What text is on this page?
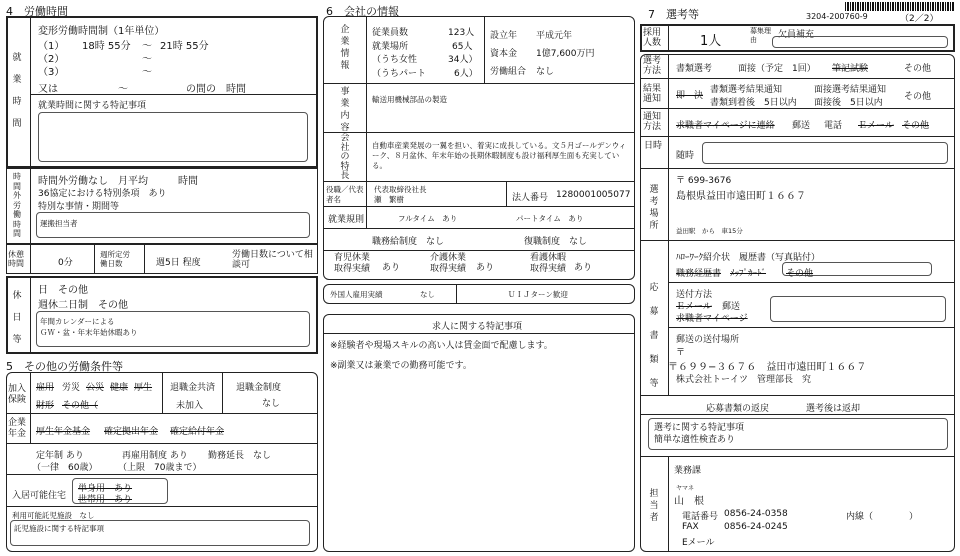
3204-200760-9	（2／2）
4　労働時間
就
業
時
間
変形労働時間制（1年単位）
（1） 18時 55分 〜 21時 55分
（2）	〜
（3）	〜
又は	〜	の間の　時間
就業時間に関する特記事項
時
間
外
労
働
時
間
時間外労働なし　月平均　　　時間
36協定における特別条項　あり
特別な事情・期間等
運搬担当者
休憩時間	0分
週所定労働日数	週5日 程度
労働日数について相談可
休
日
等
日　その他
週休二日制　その他
年間カレンダーによる
ＧＷ・盆・年末年始休暇あり
5　その他の労働条件等
加入保険
雇用 労災 公災 健康 厚生
財形 その他（
退職金共済
未加入
退職金制度
なし
企業年金	厚生年金基金 確定拠出年金 確定給付年金
定年制 あり
（一律　60歳）
再雇用制度 あり
（上限　70歳まで）
勤務延長　なし
入居可能住宅
単身用　あり
世帯用　あり
利用可能託児施設　なし
託児施設に関する特記事項
6　会社の情報
企
業
情
報
従業員数	123人
就業場所	65人
（うち女性	34人）
（うちパート	6人）
設立年 平成元年
資本金 1億7,600万円
労働組合 なし
事
業
内
容
輸送用機械部品の製造
会
社
の
特
長
自動車産業発展の一翼を担い、着実に成長している。文５月ゴールデンウィーク、８月盆休、年末年始の長期休暇制度も設け福利厚生面も充実している。
役職／代表者名
代表取締役社長
瀬　繁樹	法人番号 1280001005077
就業規則	フルタイム　あり	パートタイム　あり
職務給制度　なし	復職制度　なし
育児休業取得実績	あり
介護休業取得実績	あり
看護休暇取得実績 あり
外国人雇用実績	なし	ＵＩＪターン歓迎
求人に関する特記事項
※経験者や現場スキルの高い人は賃金面で配慮します。
※副業又は兼業での勤務可能です。
7　選考等
採用人数	1人
募集理由	欠員補充
選考方法	書類選考	面接（予定　1回） 筆記試験	その他
結果通知	即　決
書類選考結果通知
書類到着後　5日以内
面接選考結果通知
面接後　5日以内
その他
通知方法	求職者マイページに連絡 郵送 電話 Ｅメール その他
日時
随時
選
考
場
所
〒 699-3676
島根県益田市遠田町１６６７
益田駅　から　車15分
応
募
書
類
等
ﾊﾛｰﾜｰｸ紹介状　履歴書（写真貼付）
職務経歴書 ﾒｯﾌﾟｶｰﾄﾞ その他
送付方法
Ｅメール 郵送
求職者マイページ
郵送の送付場所
〒
〒６９９−３６７６　益田市遠田町１６６７
株式会社トーイツ　管理部長　究
応募書類の返戻	選考後は返却
選考に関する特記事項
簡単な適性検査あり
担
当
者
業務課
ヤマネ
山　根
電話番号 0856-24-0358	内線（　　　　）
FAX	0856-24-0245
Eメール
